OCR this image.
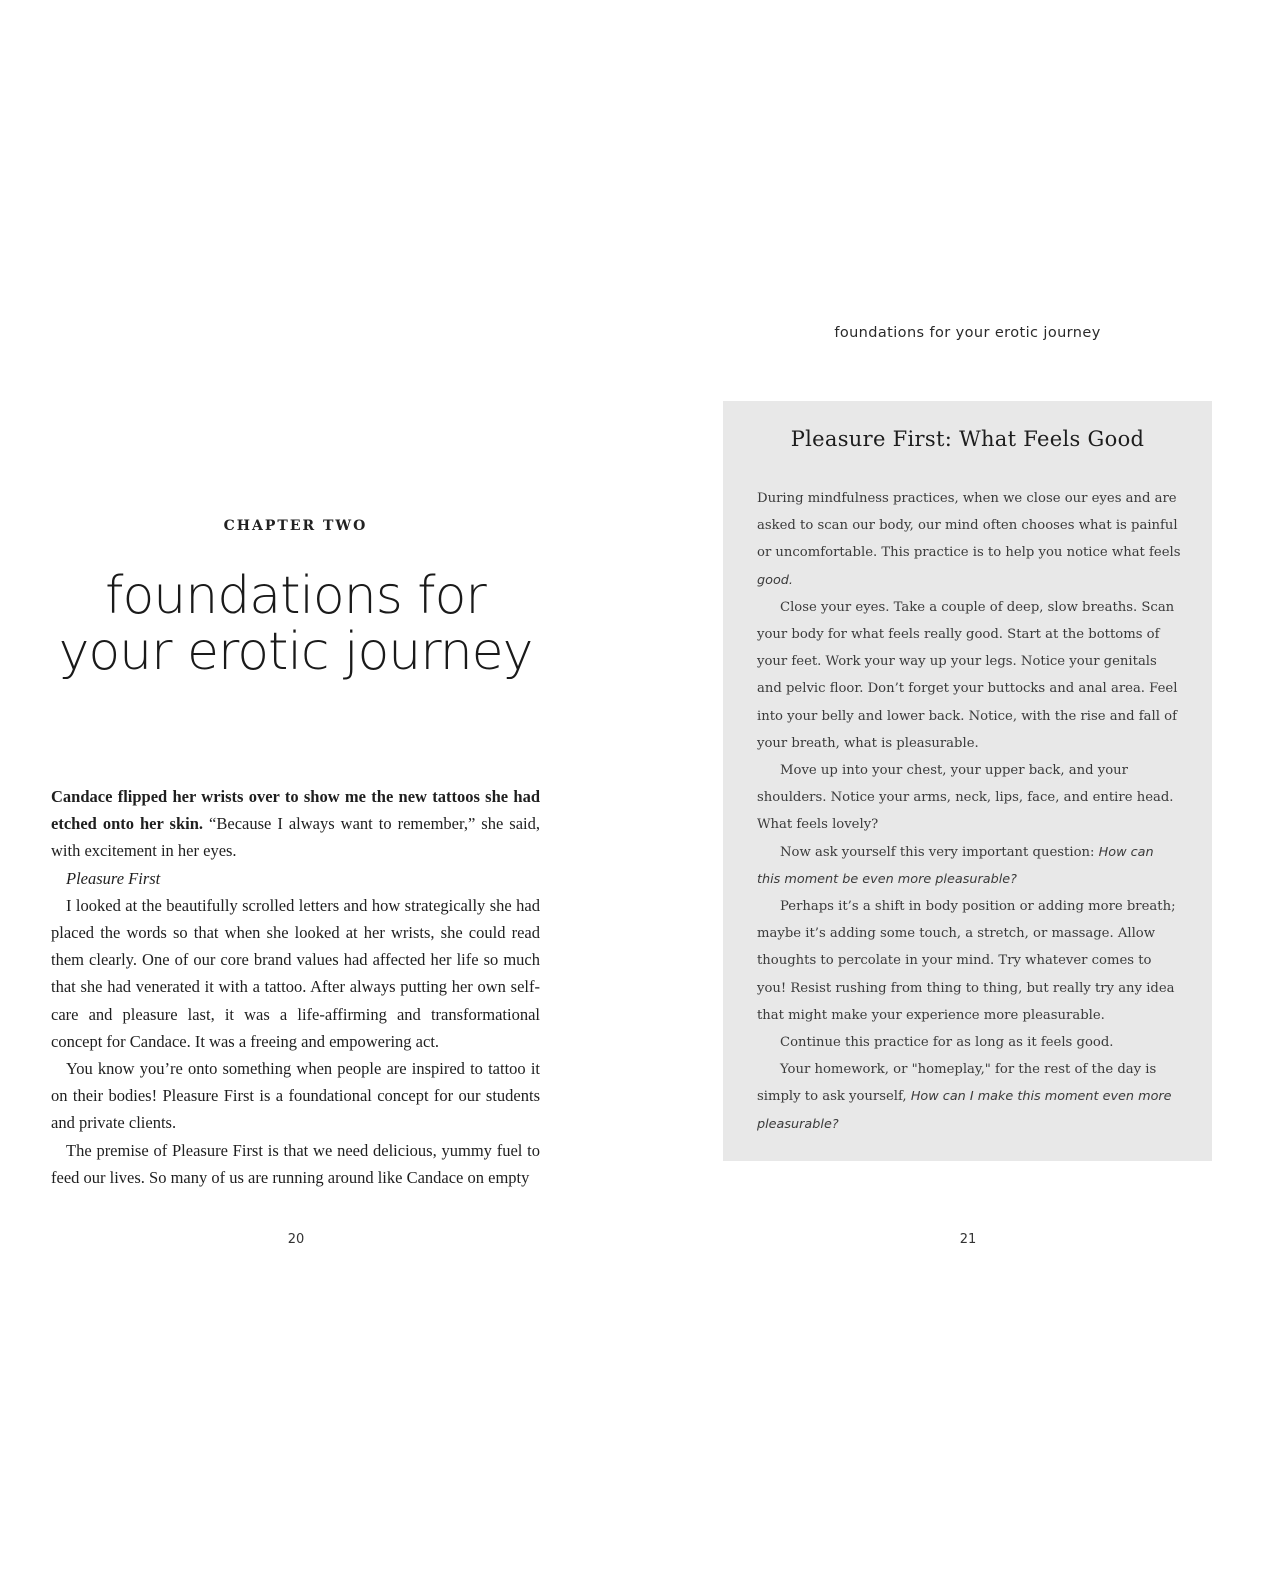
CHAPTER TWO
foundations for
your erotic journey

Candace flipped her wrists over to show me the new tattoos she had etched onto her skin. “Because I always want to remember,” she said, with excitement in her eyes.

Pleasure First

I looked at the beautifully scrolled letters and how strategically she had placed the words so that when she looked at her wrists, she could read them clearly. One of our core brand values had affected her life so much that she had venerated it with a tattoo. After always putting her own self-care and pleasure last, it was a life-affirming and transformational concept for Candace. It was a freeing and empowering act.

You know you’re onto something when people are inspired to tattoo it on their bodies! Pleasure First is a foundational concept for our students and private clients.

The premise of Pleasure First is that we need delicious, yummy fuel to feed our lives. So many of us are running around like Candace on empty

20
foundations for your erotic journey
Pleasure First: What Feels Good

During mindfulness practices, when we close our eyes and are asked to scan our body, our mind often chooses what is painful or uncomfortable. This practice is to help you notice what feels good.

Close your eyes. Take a couple of deep, slow breaths. Scan your body for what feels really good. Start at the bottoms of your feet. Work your way up your legs. Notice your genitals and pelvic floor. Don’t forget your buttocks and anal area. Feel into your belly and lower back. Notice, with the rise and fall of your breath, what is pleasurable.

Move up into your chest, your upper back, and your shoulders. Notice your arms, neck, lips, face, and entire head. What feels lovely?

Now ask yourself this very important question: How can this moment be even more pleasurable?

Perhaps it’s a shift in body position or adding more breath; maybe it’s adding some touch, a stretch, or massage. Allow thoughts to percolate in your mind. Try whatever comes to you! Resist rushing from thing to thing, but really try any idea that might make your experience more pleasurable.

Continue this practice for as long as it feels good.

Your homework, or "homeplay," for the rest of the day is simply to ask yourself, How can I make this moment even more pleasurable?

21
